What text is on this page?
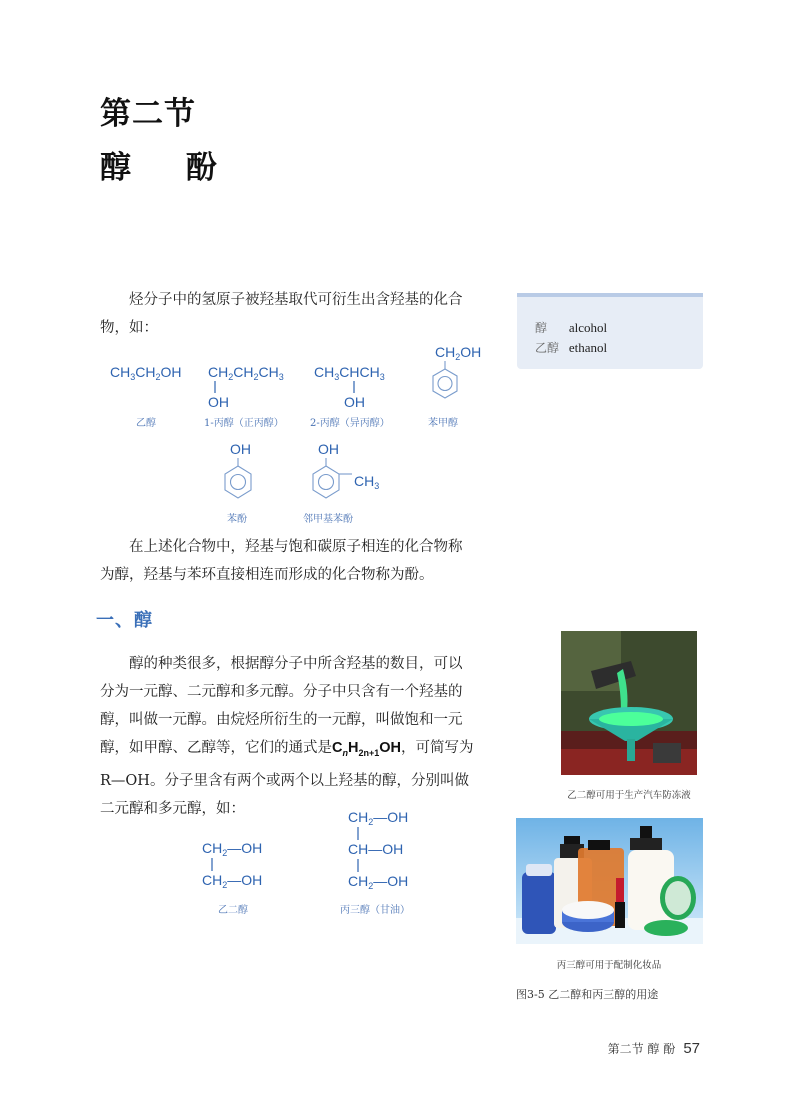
第二节
醇 酚
烃分子中的氢原子被羟基取代可衍生出含羟基的化合
物，如：	醇 alcohol
乙醇 ethanol
$CH_3CH_2OH$
乙醇
$CH_2CH_2CH_3$
OH
1-丙醇（正丙醇）
$CH_3CHCH_3$
OH
2-丙醇（异丙醇）
$CH_2OH$
苯甲醇
OH
苯酚
OH
$CH_3$
邻甲基苯酚
在上述化合物中，羟基与饱和碳原子相连的化合物称
为醇，羟基与苯环直接相连而形成的化合物称为酚。
一、醇
醇的种类很多，根据醇分子中所含羟基的数目，可以
分为一元醇、二元醇和多元醇。分子中只含有一个羟基的
醇，叫做一元醇。由烷烃所衍生的一元醇，叫做饱和一元
醇，如甲醇、乙醇等，它们的通式是$C_nH_{2n+1}OH$，可简写为
R—OH。分子里含有两个或两个以上羟基的醇，分别叫做
二元醇和多元醇，如：
$CH_2—OH$
$CH_2—OH$
乙二醇
$CH_2—OH$
CH—OH
$CH_2—OH$
丙三醇（甘油）
乙二醇可用于生产汽车防冻液
丙三醇可用于配制化妆品
图3-5 乙二醇和丙三醇的用途
第二节 醇 酚 57
